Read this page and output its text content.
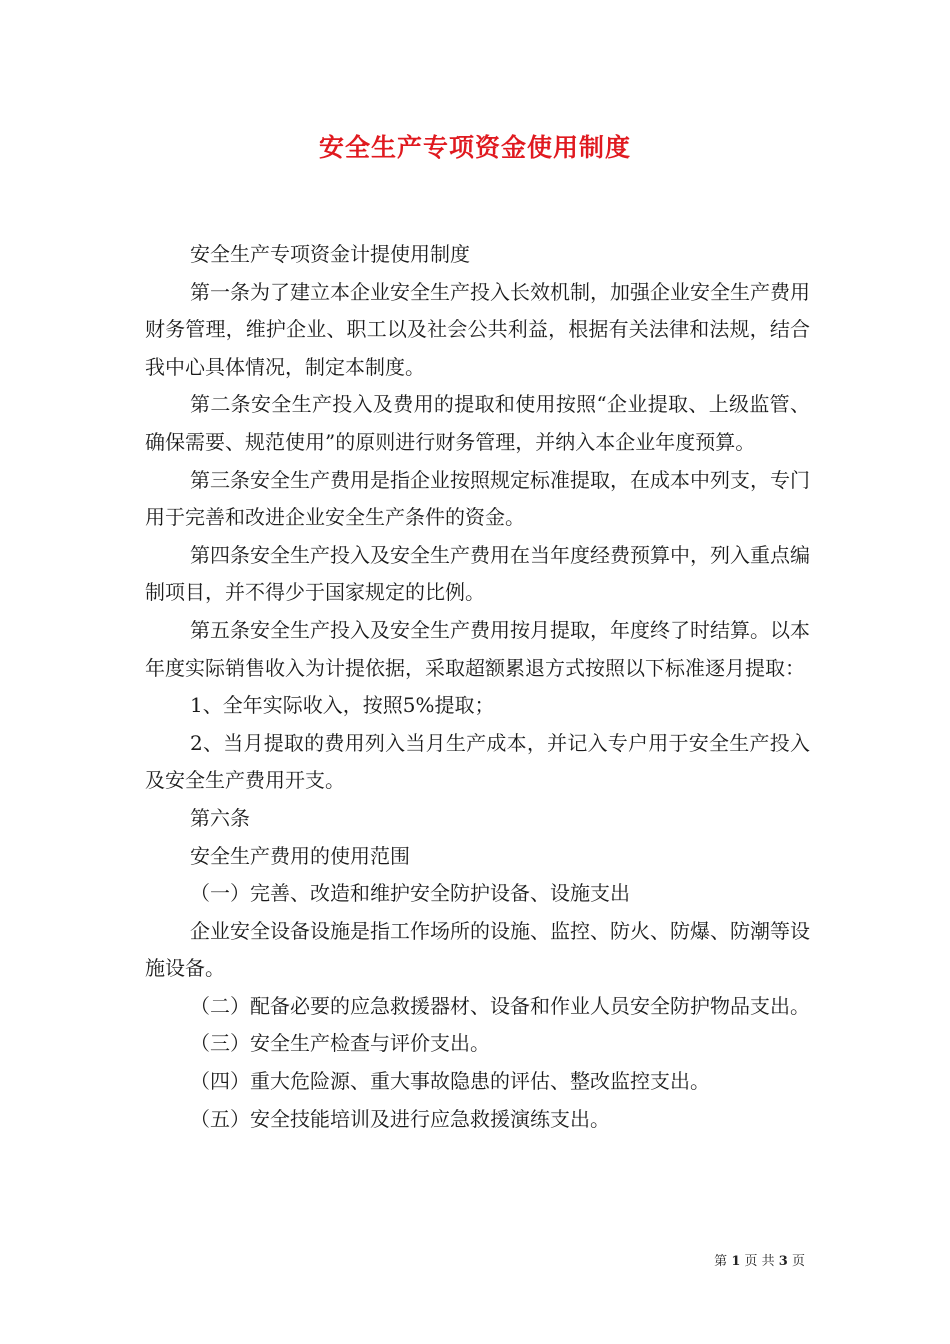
安全生产专项资金使用制度

安全生产专项资金计提使用制度

第一条为了建立本企业安全生产投入长效机制，加强企业安全生产费用财务管理，维护企业、职工以及社会公共利益，根据有关法律和法规，结合我中心具体情况，制定本制度。

第二条安全生产投入及费用的提取和使用按照“企业提取、上级监管、确保需要、规范使用”的原则进行财务管理，并纳入本企业年度预算。

第三条安全生产费用是指企业按照规定标准提取，在成本中列支，专门用于完善和改进企业安全生产条件的资金。

第四条安全生产投入及安全生产费用在当年度经费预算中，列入重点编制项目，并不得少于国家规定的比例。

第五条安全生产投入及安全生产费用按月提取，年度终了时结算。以本年度实际销售收入为计提依据，采取超额累退方式按照以下标准逐月提取：

1、全年实际收入，按照5%提取；

2、当月提取的费用列入当月生产成本，并记入专户用于安全生产投入及安全生产费用开支。

第六条

安全生产费用的使用范围

（一）完善、改造和维护安全防护设备、设施支出

企业安全设备设施是指工作场所的设施、监控、防火、防爆、防潮等设施设备。

（二）配备必要的应急救援器材、设备和作业人员安全防护物品支出。

（三）安全生产检查与评价支出。

（四）重大危险源、重大事故隐患的评估、整改监控支出。

（五）安全技能培训及进行应急救援演练支出。

第 1 页 共 3 页
